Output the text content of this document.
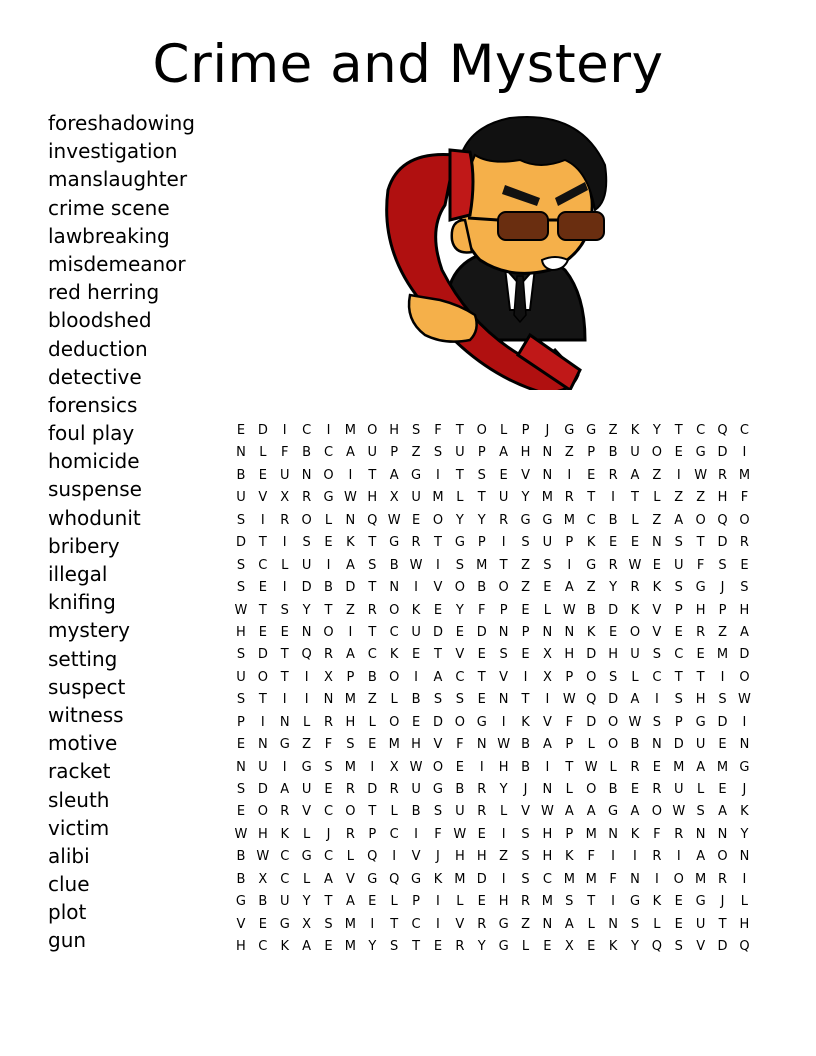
Crime and Mystery
foreshadowing
investigation
manslaughter
crime scene
lawbreaking
misdemeanor
red herring
bloodshed
deduction
detective
forensics
foul play
homicide
suspense
whodunit
bribery
illegal
knifing
mystery
setting
suspect
witness
motive
racket
sleuth
victim
alibi
clue
plot
gun
E D	I	C	I	M O H S	F	T O	L	P	J	G G Z	K	Y	T	C Q C
N	L	F	B C A U	P	Z	S	U	P	A H N Z	P	B U O E G D	I
B	E	U N O	I	T	A G	I	T	S	E	V N	I	E	R A Z	I	W R M
U V X R G W H X U M L	T	U	Y M R	T	I	T	L	Z Z H	F
S	I	R O	L	N Q W E O Y	Y	R G G M C B	L	Z A O Q O
D T	I	S	E	K	T G R	T G P	I	S	U	P	K	E	E N S	T D R
S	C	L	U	I	A	S	B W	I	S M T	Z	S	I	G R W E	U	F	S	E
S	E	I	D B D T	N	I	V O B O Z	E	A Z	Y	R	K	S G	J	S
W T	S	Y	T	Z R O K	E	Y	F	P	E	L W B D K	V	P	H	P	H
H E	E N O	I	T	C U D E D N	P	N N K	E O V	E	R Z A
S D T Q R A C	K	E	T	V	E	S	E	X H D H U	S	C	E M D
U O T	I	X	P	B O	I	A C	T	V	I	X	P O S	L	C	T	T	I	O
S	T	I	I	N M Z	L	B	S	S	E N	T	I	W Q D A	I	S H S W
P	I	N	L	R H	L	O E D O G	I	K	V	F	D O W S	P G D	I
E N G Z	F	S	E M H V	F	N W B A	P	L	O B N D U	E N
N U	I	G S M	I	X W O E	I	H B	I	T W L	R	E M A M G
S D A U	E	R D R U G B R	Y	J	N	L	O B	E	R U	L	E	J
E O R V C O T	L	B	S	U R	L	V W A A G A O W S	A	K
W H K	L	J	R	P	C	I	F W E	I	S H	P M N K	F	R N N	Y
B W C G C	L	Q	I	V	J	H H Z	S H K	F	I	I	R	I	A O N
B X C	L	A V G Q G K M D	I	S	C M M F	N	I	O M R	I
G B U	Y	T	A	E	L	P	I	L	E H R M S	T	I	G K	E G	J	L
V	E G X	S M	I	T	C	I	V R G Z N A	L	N S	L	E	U	T	H
H C	K	A	E M Y	S	T	E	R	Y G	L	E	X	E	K	Y Q S	V D Q
